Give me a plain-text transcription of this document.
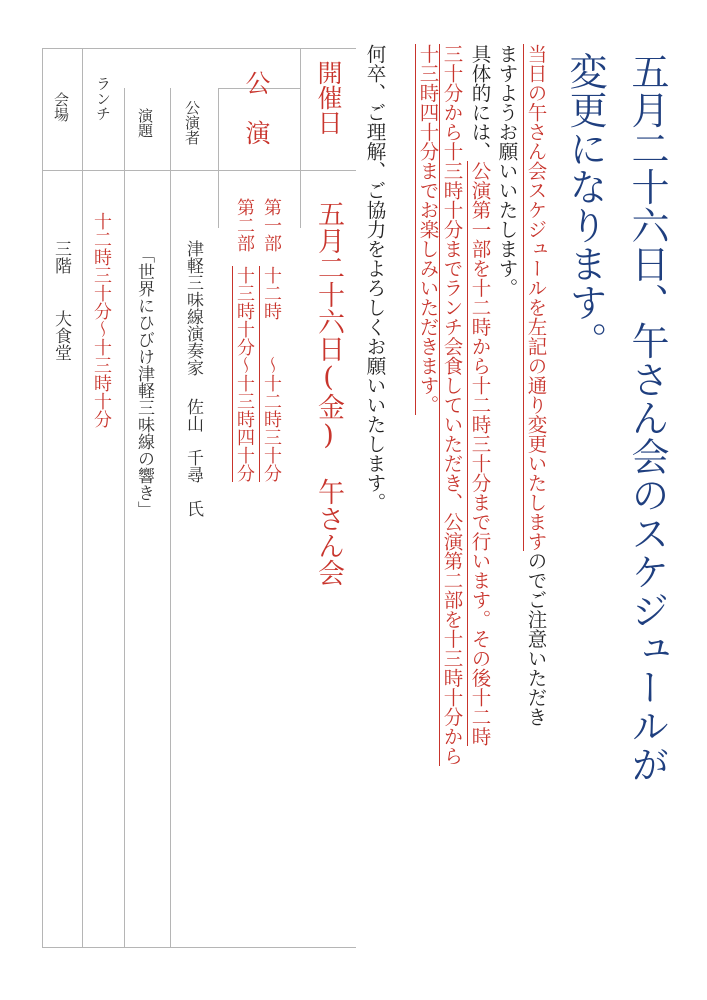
五月二十六日、午さん会のスケジュールが
変更になります。
当日の午さん会スケジュールを左記の通り変更いたしますのでご注意いただき
ますようお願いいたします。
具体的には、公演第一部を十二時から十二時三十分まで行います。その後十二時
三十分から十三時十分までランチ会食していただき、公演第二部を十三時十分から
十三時四十分までお楽しみいただきます。
何卒、ご理解、ご協力をよろしくお願いいたします。
開催日
五月二十六日(金)　午さん会
公　演
第一部十二時　　～十二時三十分
第二部十三時十分～十三時四十分
公演者
津軽三味線演奏家佐山　千尋　氏
演題
「世界にひびけ津軽三味線の響き」
ランチ
十二時三十分～十三時十分
会場
三階大食堂
